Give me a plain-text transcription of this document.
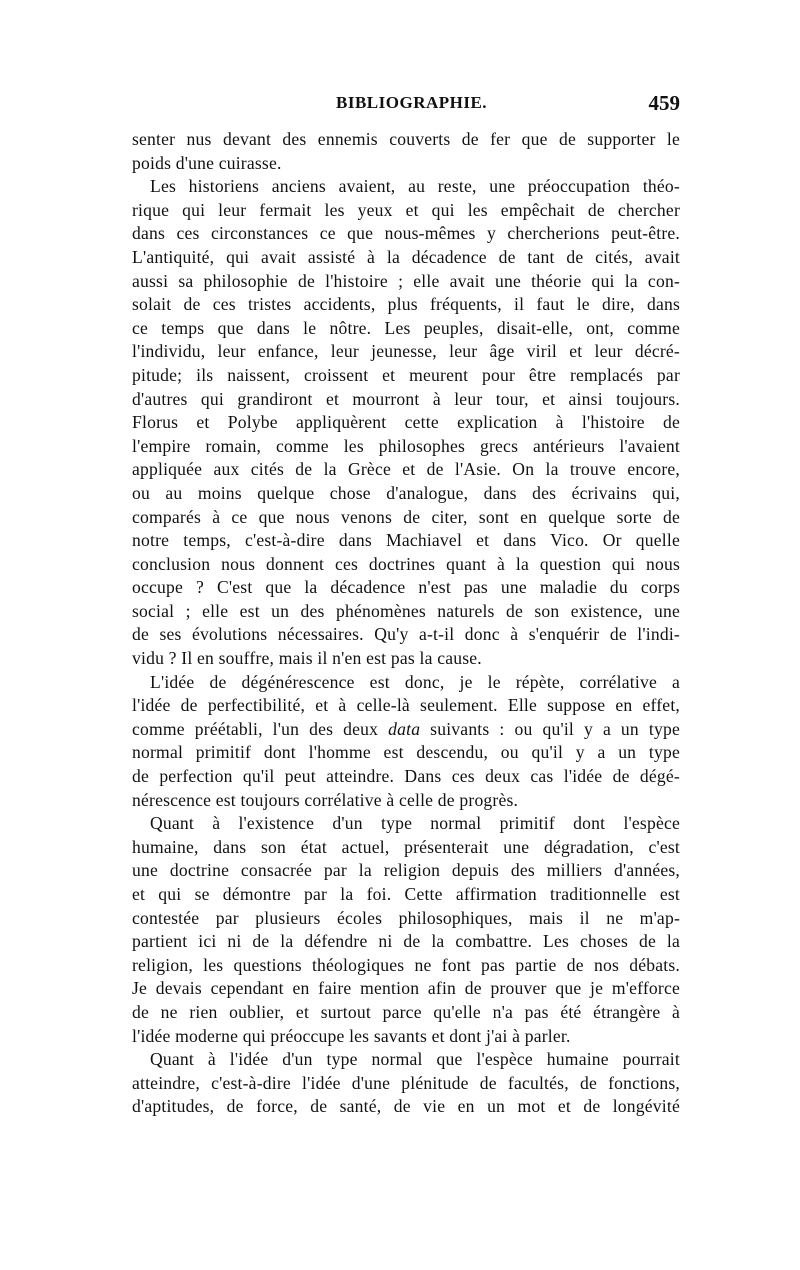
BIBLIOGRAPHIE.	459
senter nus devant des ennemis couverts de fer que de supporter le
poids d'une cuirasse.
Les historiens anciens avaient, au reste, une préoccupation théo-
rique qui leur fermait les yeux et qui les empêchait de chercher
dans ces circonstances ce que nous-mêmes y chercherions peut-être.
L'antiquité, qui avait assisté à la décadence de tant de cités, avait
aussi sa philosophie de l'histoire ; elle avait une théorie qui la con-
solait de ces tristes accidents, plus fréquents, il faut le dire, dans
ce temps que dans le nôtre. Les peuples, disait-elle, ont, comme
l'individu, leur enfance, leur jeunesse, leur âge viril et leur décré-
pitude; ils naissent, croissent et meurent pour être remplacés par
d'autres qui grandiront et mourront à leur tour, et ainsi toujours.
Florus et Polybe appliquèrent cette explication à l'histoire de
l'empire romain, comme les philosophes grecs antérieurs l'avaient
appliquée aux cités de la Grèce et de l'Asie. On la trouve encore,
ou au moins quelque chose d'analogue, dans des écrivains qui,
comparés à ce que nous venons de citer, sont en quelque sorte de
notre temps, c'est-à-dire dans Machiavel et dans Vico. Or quelle
conclusion nous donnent ces doctrines quant à la question qui nous
occupe ? C'est que la décadence n'est pas une maladie du corps
social ; elle est un des phénomènes naturels de son existence, une
de ses évolutions nécessaires. Qu'y a-t-il donc à s'enquérir de l'indi-
vidu ? Il en souffre, mais il n'en est pas la cause.
L'idée de dégénérescence est donc, je le répète, corrélative a
l'idée de perfectibilité, et à celle-là seulement. Elle suppose en effet,
comme préétabli, l'un des deux data suivants : ou qu'il y a un type
normal primitif dont l'homme est descendu, ou qu'il y a un type
de perfection qu'il peut atteindre. Dans ces deux cas l'idée de dégé-
nérescence est toujours corrélative à celle de progrès.
Quant à l'existence d'un type normal primitif dont l'espèce
humaine, dans son état actuel, présenterait une dégradation, c'est
une doctrine consacrée par la religion depuis des milliers d'années,
et qui se démontre par la foi. Cette affirmation traditionnelle est
contestée par plusieurs écoles philosophiques, mais il ne m'ap-
partient ici ni de la défendre ni de la combattre. Les choses de la
religion, les questions théologiques ne font pas partie de nos débats.
Je devais cependant en faire mention afin de prouver que je m'efforce
de ne rien oublier, et surtout parce qu'elle n'a pas été étrangère à
l'idée moderne qui préoccupe les savants et dont j'ai à parler.
Quant à l'idée d'un type normal que l'espèce humaine pourrait
atteindre, c'est-à-dire l'idée d'une plénitude de facultés, de fonctions,
d'aptitudes, de force, de santé, de vie en un mot et de longévité
